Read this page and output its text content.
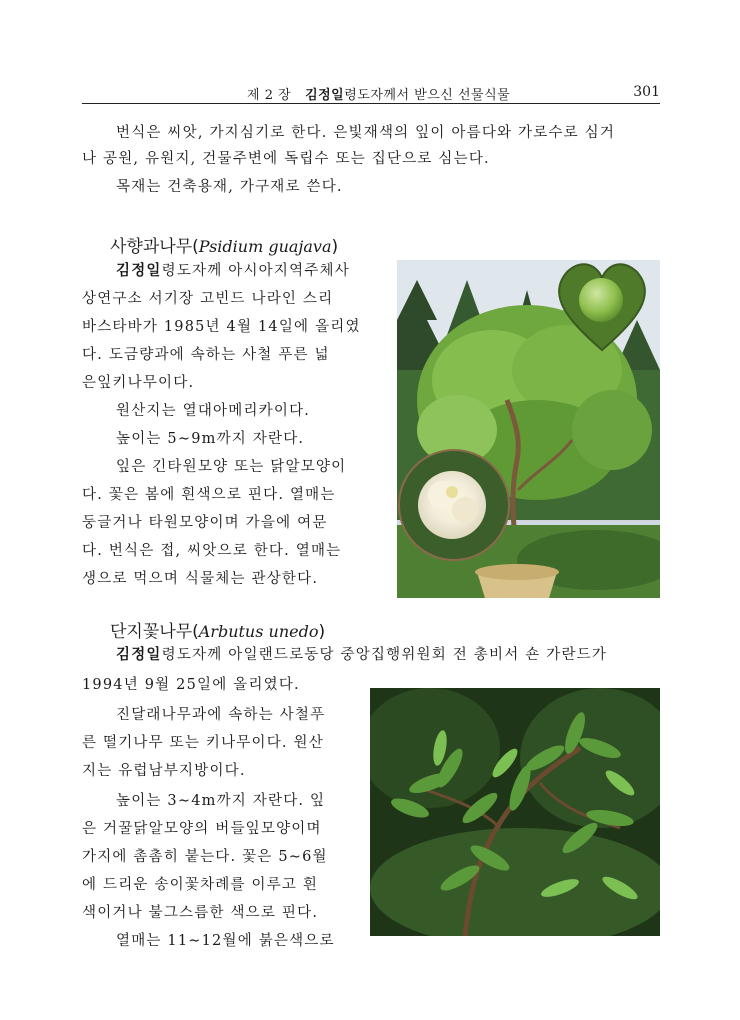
제 2 장 김정일령도자께서 받으신 선물식물	301
번식은 씨앗, 가지심기로 한다. 은빛재색의 잎이 아름다와 가로수로 심거
나 공원, 유원지, 건물주변에 독립수 또는 집단으로 심는다.
목재는 건축용재, 가구재로 쓴다.
사향과나무(Psidium guajava)
김정일령도자께 아시아지역주체사
상연구소 서기장 고빈드 나라인 스리
바스타바가 1985년 4월 14일에 올리였
다. 도금량과에 속하는 사철 푸른 넓
은잎키나무이다.
원산지는 열대아메리카이다.
높이는 5∼9m까지 자란다.
잎은 긴타원모양 또는 닭알모양이
다. 꽃은 봄에 흰색으로 핀다. 열매는
둥글거나 타원모양이며 가을에 여문
다. 번식은 접, 씨앗으로 한다. 열매는
생으로 먹으며 식물체는 관상한다.
단지꽃나무(Arbutus unedo)
김정일령도자께 아일랜드로동당 중앙집행위원회 전 총비서 숀 가란드가
1994년 9월 25일에 올리였다.
진달래나무과에 속하는 사철푸
른 떨기나무 또는 키나무이다. 원산
지는 유럽남부지방이다.
높이는 3∼4m까지 자란다. 잎
은 거꿀닭알모양의 버들잎모양이며
가지에 촘촘히 붙는다. 꽃은 5∼6월
에 드리운 송이꽃차례를 이루고 흰
색이거나 불그스름한 색으로 핀다.
열매는 11∼12월에 붉은색으로
